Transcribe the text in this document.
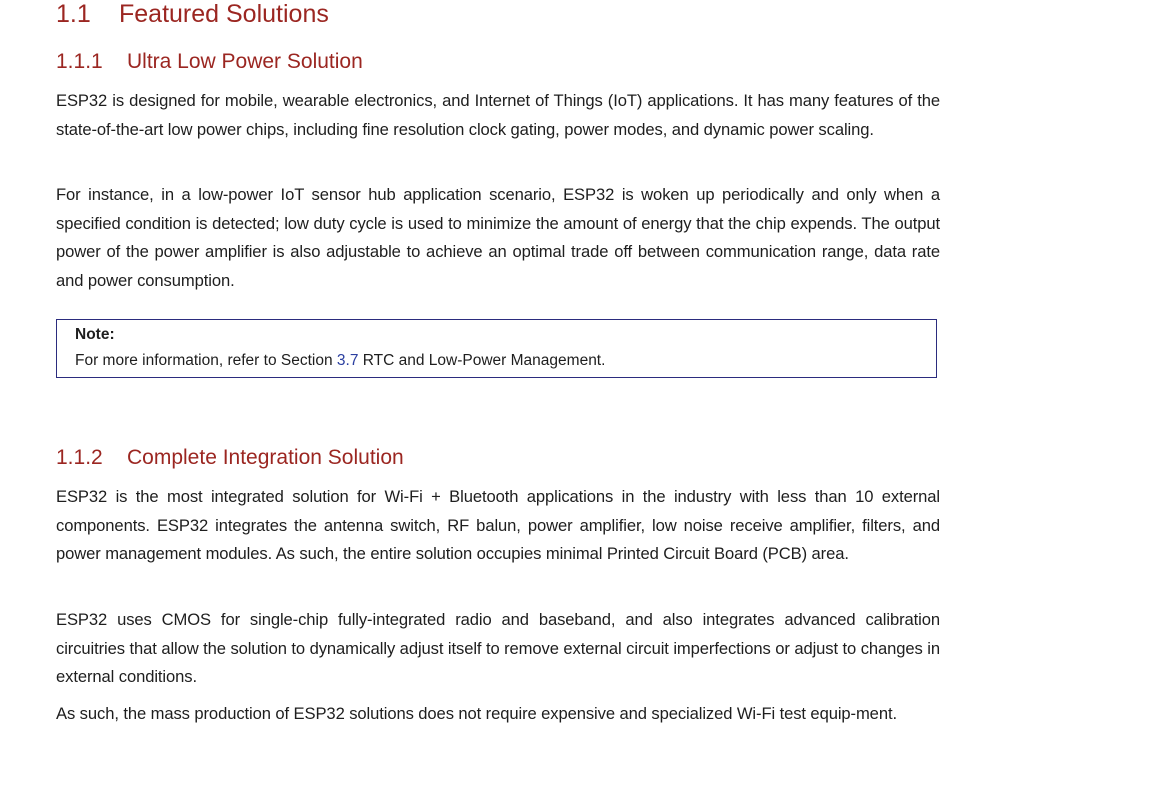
1.1 Featured Solutions
1.1.1 Ultra Low Power Solution

ESP32 is designed for mobile, wearable electronics, and Internet of Things (IoT) applications. It has many features of the state-of-the-art low power chips, including fine resolution clock gating, power modes, and dynamic power scaling.

For instance, in a low-power IoT sensor hub application scenario, ESP32 is woken up periodically and only when a specified condition is detected; low duty cycle is used to minimize the amount of energy that the chip expends. The output power of the power amplifier is also adjustable to achieve an optimal trade off between communication range, data rate and power consumption.

Note:
For more information, refer to Section 3.7 RTC and Low-Power Management.
1.1.2 Complete Integration Solution

ESP32 is the most integrated solution for Wi-Fi + Bluetooth applications in the industry with less than 10 external components. ESP32 integrates the antenna switch, RF balun, power amplifier, low noise receive amplifier, filters, and power management modules. As such, the entire solution occupies minimal Printed Circuit Board (PCB) area.

ESP32 uses CMOS for single-chip fully-integrated radio and baseband, and also integrates advanced calibration circuitries that allow the solution to dynamically adjust itself to remove external circuit imperfections or adjust to changes in external conditions.

As such, the mass production of ESP32 solutions does not require expensive and specialized Wi-Fi test equip-ment.
